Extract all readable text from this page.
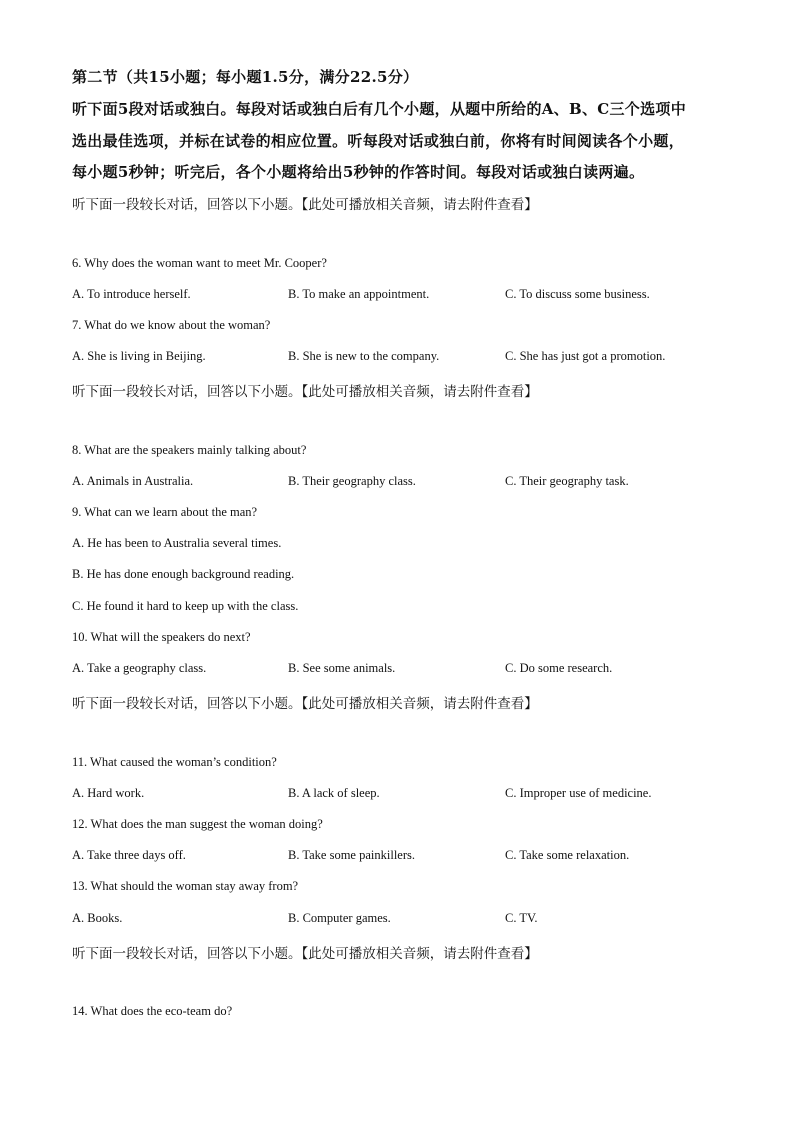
第二节（共15小题；每小题1.5分，满分22.5分）
听下面5段对话或独白。每段对话或独白后有几个小题，从题中所给的A、B、C三个选项中
选出最佳选项，并标在试卷的相应位置。听每段对话或独白前，你将有时间阅读各个小题，
每小题5秒钟；听完后，各个小题将给出5秒钟的作答时间。每段对话或独白读两遍。
听下面一段较长对话，回答以下小题。【此处可播放相关音频，请去附件查看】
6. Why does the woman want to meet Mr. Cooper?
A. To introduce herself.	B. To make an appointment.	C. To discuss some business.
7. What do we know about the woman?
A. She is living in Beijing.	B. She is new to the company.	C. She has just got a promotion.
听下面一段较长对话，回答以下小题。【此处可播放相关音频，请去附件查看】
8. What are the speakers mainly talking about?
A. Animals in Australia.	B. Their geography class.	C. Their geography task.
9. What can we learn about the man?
A. He has been to Australia several times.
B. He has done enough background reading.
C. He found it hard to keep up with the class.
10. What will the speakers do next?
A. Take a geography class.	B. See some animals.	C. Do some research.
听下面一段较长对话，回答以下小题。【此处可播放相关音频，请去附件查看】
11. What caused the woman’s condition?
A. Hard work.	B. A lack of sleep.	C. Improper use of medicine.
12. What does the man suggest the woman doing?
A. Take three days off.	B. Take some painkillers.	C. Take some relaxation.
13. What should the woman stay away from?
A. Books.	B. Computer games.	C. TV.
听下面一段较长对话，回答以下小题。【此处可播放相关音频，请去附件查看】
14. What does the eco-team do?
